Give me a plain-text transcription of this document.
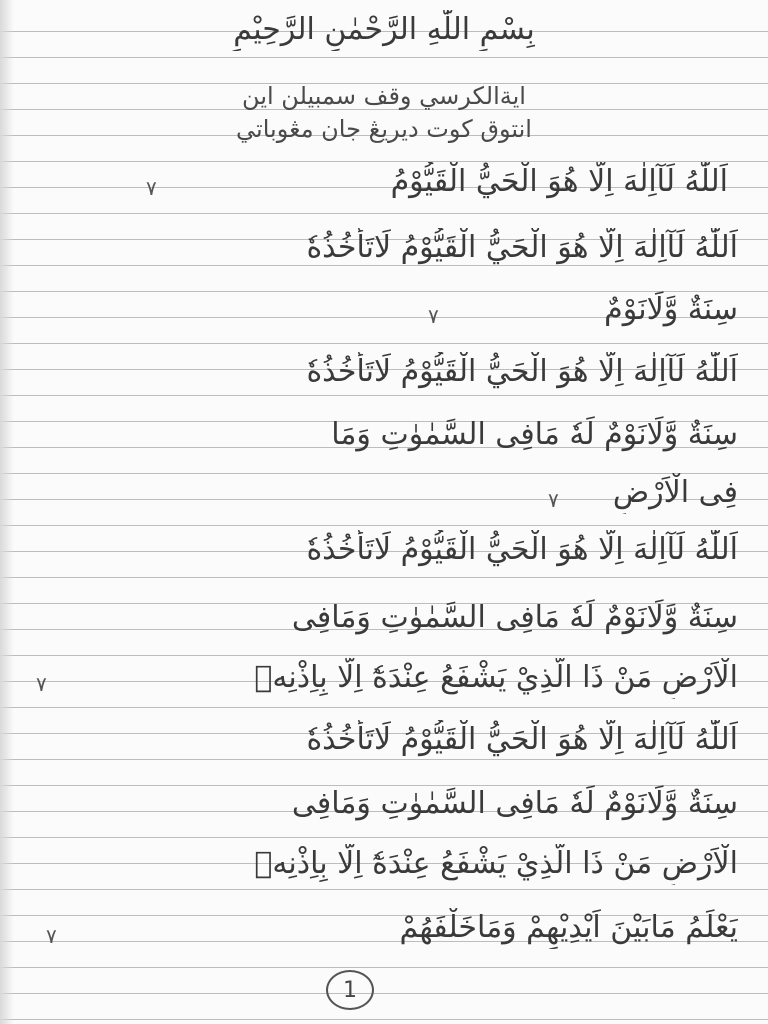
بِسْمِ اللّٰهِ الرَّحْمٰنِ الرَّحِيْمِ
ايةالكرسي وقف سمبيلن اين
انتوق كوت ديريڠ جان مڠوباتي
اَللّٰهُ لَآاِلٰهَ اِلَّا هُوَ الْحَيُّ الْقَيُّوْمُ
٧
اَللّٰهُ لَآاِلٰهَ اِلَّا هُوَ الْحَيُّ الْقَيُّوْمُ لَاتَأْخُذُهٗ
سِنَةٌ وَّلَانَوْمٌ
٧
اَللّٰهُ لَآاِلٰهَ اِلَّا هُوَ الْحَيُّ الْقَيُّوْمُ لَاتَأْخُذُهٗ
سِنَةٌ وَّلَانَوْمٌ لَهٗ مَافِى السَّمٰوٰتِ وَمَا
فِى الْاَرْضِ
٧
اَللّٰهُ لَآاِلٰهَ اِلَّا هُوَ الْحَيُّ الْقَيُّوْمُ لَاتَأْخُذُهٗ
سِنَةٌ وَّلَانَوْمٌ لَهٗ مَافِى السَّمٰوٰتِ وَمَافِى
الْاَرْضِ مَنْ ذَا الَّذِيْ يَشْفَعُ عِنْدَهٗٓ اِلَّا بِاِذْنِهٖ
٧
اَللّٰهُ لَآاِلٰهَ اِلَّا هُوَ الْحَيُّ الْقَيُّوْمُ لَاتَأْخُذُهٗ
سِنَةٌ وَّلَانَوْمٌ لَهٗ مَافِى السَّمٰوٰتِ وَمَافِى
الْاَرْضِ مَنْ ذَا الَّذِيْ يَشْفَعُ عِنْدَهٗٓ اِلَّا بِاِذْنِهٖ
يَعْلَمُ مَابَيْنَ اَيْدِيْهِمْ وَمَاخَلْفَهُمْ
٧
1
